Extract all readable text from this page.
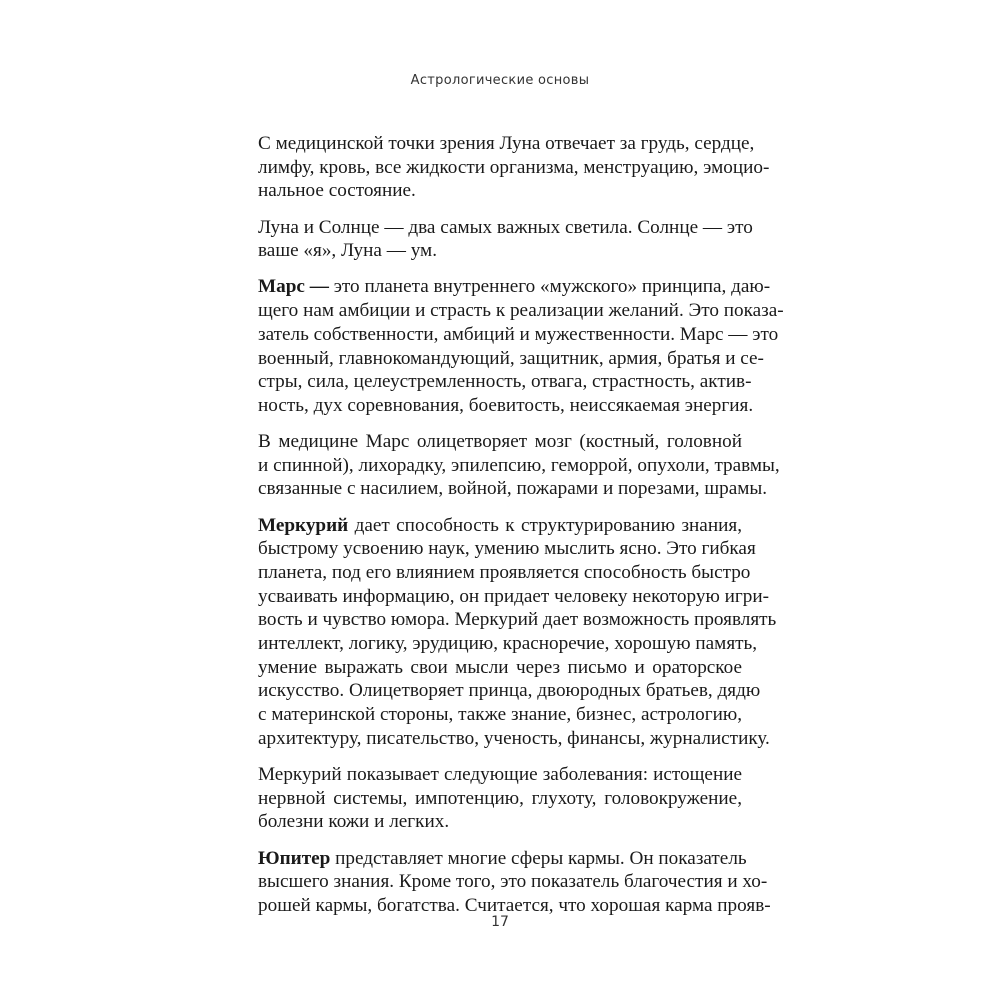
Астрологические основы
С медицинской точки зрения Луна отвечает за грудь, сердце,
лимфу, кровь, все жидкости организма, менструацию, эмоцио-
нальное состояние.
Луна и Солнце — два самых важных светила. Солнце — это
ваше «я», Луна — ум.
Марс — это планета внутреннего «мужского» принципа, даю-
щего нам амбиции и страсть к реализации желаний. Это показа-
затель собственности, амбиций и мужественности. Марс — это
военный, главнокомандующий, защитник, армия, братья и се-
стры, сила, целеустремленность, отвага, страстность, актив-
ность, дух соревнования, боевитость, неиссякаемая энергия.
В медицине Марс олицетворяет мозг (костный, головной
и спинной), лихорадку, эпилепсию, геморрой, опухоли, травмы,
связанные с насилием, войной, пожарами и порезами, шрамы.
Меркурий дает способность к структурированию знания,
быстрому усвоению наук, умению мыслить ясно. Это гибкая
планета, под его влиянием проявляется способность быстро
усваивать информацию, он придает человеку некоторую игри-
вость и чувство юмора. Меркурий дает возможность проявлять
интеллект, логику, эрудицию, красноречие, хорошую память,
умение выражать свои мысли через письмо и ораторское
искусство. Олицетворяет принца, двоюродных братьев, дядю
с материнской стороны, также знание, бизнес, астрологию,
архитектуру, писательство, ученость, финансы, журналистику.
Меркурий показывает следующие заболевания: истощение
нервной системы, импотенцию, глухоту, головокружение,
болезни кожи и легких.
Юпитер представляет многие сферы кармы. Он показатель
высшего знания. Кроме того, это показатель благочестия и хо-
рошей кармы, богатства. Считается, что хорошая карма прояв-
17
